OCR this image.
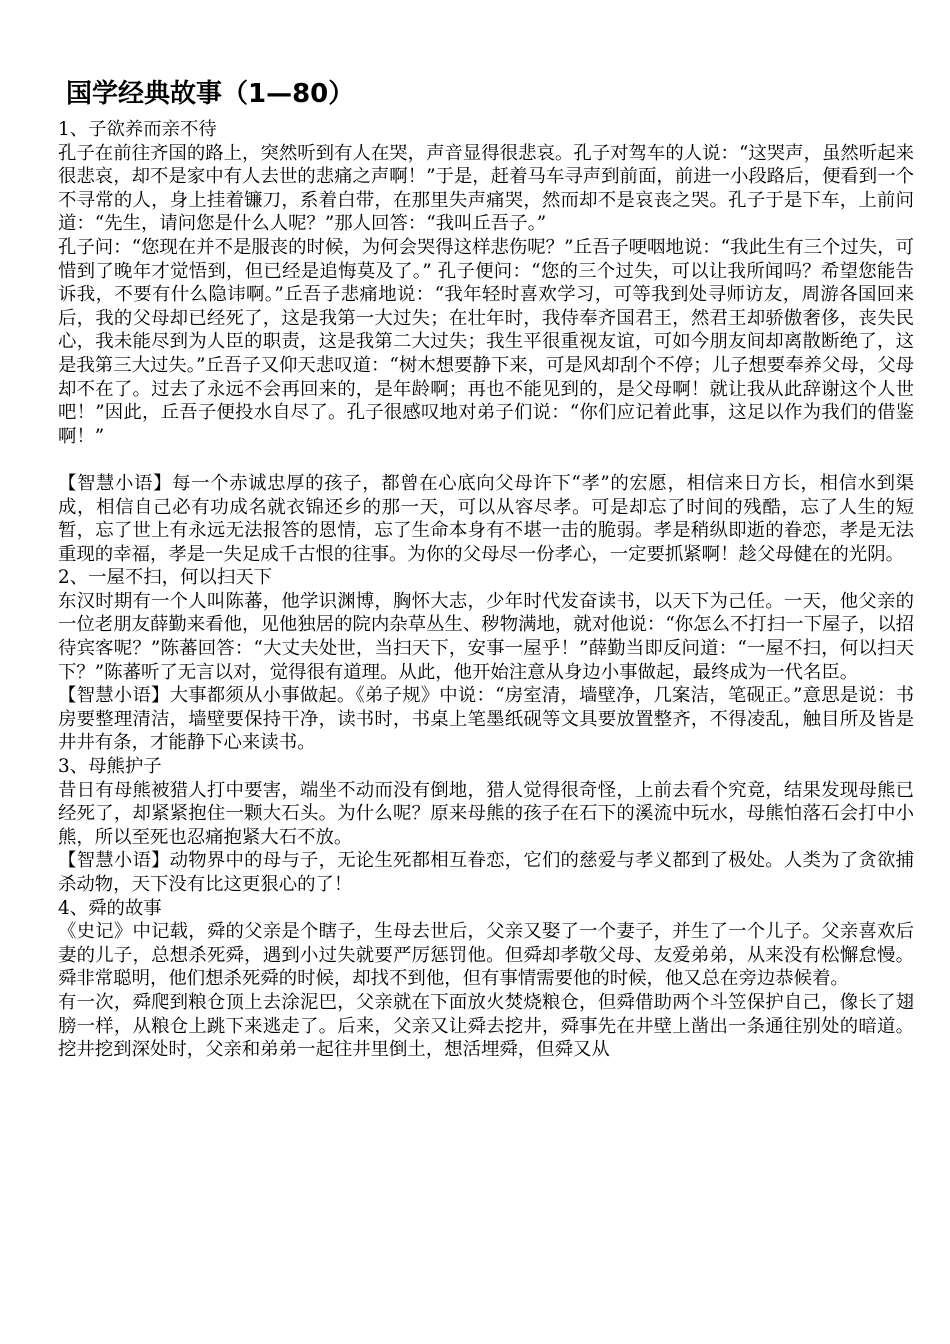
国学经典故事（1—80）

1、子欲养而亲不待

孔子在前往齐国的路上，突然听到有人在哭，声音显得很悲哀。孔子对驾车的人说：“这哭声，虽然听起来很悲哀，却不是家中有人去世的悲痛之声啊！”于是，赶着马车寻声到前面，前进一小段路后，便看到一个不寻常的人，身上挂着镰刀，系着白带，在那里失声痛哭，然而却不是哀丧之哭。孔子于是下车，上前问道：“先生，请问您是什么人呢？”那人回答：“我叫丘吾子。”

孔子问：“您现在并不是服丧的时候，为何会哭得这样悲伤呢？”丘吾子哽咽地说：“我此生有三个过失，可惜到了晚年才觉悟到，但已经是追悔莫及了。” 孔子便问：“您的三个过失，可以让我所闻吗？希望您能告诉我，不要有什么隐讳啊。”丘吾子悲痛地说：“我年轻时喜欢学习，可等我到处寻师访友，周游各国回来后，我的父母却已经死了，这是我第一大过失；在壮年时，我侍奉齐国君王，然君王却骄傲奢侈，丧失民心，我未能尽到为人臣的职责，这是我第二大过失；我生平很重视友谊，可如今朋友间却离散断绝了，这是我第三大过失。”丘吾子又仰天悲叹道：“树木想要静下来，可是风却刮个不停；儿子想要奉养父母，父母却不在了。过去了永远不会再回来的，是年龄啊；再也不能见到的，是父母啊！就让我从此辞谢这个人世吧！”因此，丘吾子便投水自尽了。孔子很感叹地对弟子们说：“你们应记着此事，这足以作为我们的借鉴啊！”

【智慧小语】每一个赤诚忠厚的孩子，都曾在心底向父母许下“孝”的宏愿，相信来日方长，相信水到渠成，相信自己必有功成名就衣锦还乡的那一天，可以从容尽孝。可是却忘了时间的残酷，忘了人生的短暂，忘了世上有永远无法报答的恩情，忘了生命本身有不堪一击的脆弱。孝是稍纵即逝的眷恋，孝是无法重现的幸福，孝是一失足成千古恨的往事。为你的父母尽一份孝心，一定要抓紧啊！趁父母健在的光阴。

2、一屋不扫，何以扫天下

东汉时期有一个人叫陈蕃，他学识渊博，胸怀大志，少年时代发奋读书，以天下为己任。一天，他父亲的一位老朋友薛勤来看他，见他独居的院内杂草丛生、秽物满地，就对他说：“你怎么不打扫一下屋子，以招待宾客呢？”陈蕃回答：“大丈夫处世，当扫天下，安事一屋乎！”薛勤当即反问道：“一屋不扫，何以扫天下？”陈蕃听了无言以对，觉得很有道理。从此，他开始注意从身边小事做起，最终成为一代名臣。

【智慧小语】大事都须从小事做起。《弟子规》中说：“房室清，墙壁净，几案洁，笔砚正。”意思是说：书房要整理清洁，墙壁要保持干净，读书时，书桌上笔墨纸砚等文具要放置整齐，不得凌乱，触目所及皆是井井有条，才能静下心来读书。

3、母熊护子

昔日有母熊被猎人打中要害，端坐不动而没有倒地，猎人觉得很奇怪，上前去看个究竟，结果发现母熊已经死了，却紧紧抱住一颗大石头。为什么呢？原来母熊的孩子在石下的溪流中玩水，母熊怕落石会打中小熊，所以至死也忍痛抱紧大石不放。

【智慧小语】动物界中的母与子，无论生死都相互眷恋，它们的慈爱与孝义都到了极处。人类为了贪欲捕杀动物，天下没有比这更狠心的了！

4、舜的故事

《史记》中记载，舜的父亲是个瞎子，生母去世后，父亲又娶了一个妻子，并生了一个儿子。父亲喜欢后妻的儿子，总想杀死舜，遇到小过失就要严厉惩罚他。但舜却孝敬父母、友爱弟弟，从来没有松懈怠慢。舜非常聪明，他们想杀死舜的时候，却找不到他，但有事情需要他的时候，他又总在旁边恭候着。

有一次，舜爬到粮仓顶上去涂泥巴，父亲就在下面放火焚烧粮仓，但舜借助两个斗笠保护自己，像长了翅膀一样，从粮仓上跳下来逃走了。后来，父亲又让舜去挖井，舜事先在井壁上凿出一条通往别处的暗道。挖井挖到深处时，父亲和弟弟一起往井里倒土，想活埋舜，但舜又从
